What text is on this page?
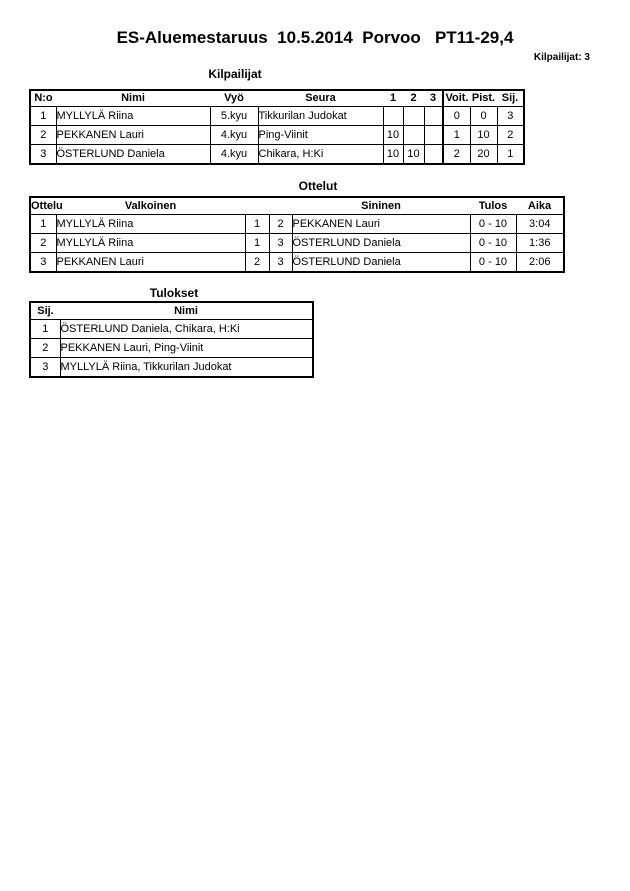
ES-Aluemestaruus  10.5.2014  Porvoo   PT11-29,4
Kilpailijat: 3
Kilpailijat
N:o	Nimi	Vyö	Seura	1	2	3	Voit.	Pist.	Sij.
1	MYLLYLÄ Riina	5.kyu	Tikkurilan Judokat				0	0	3
2	PEKKANEN Lauri	4.kyu	Ping-Viinit	10			1	10	2
3	ÖSTERLUND Daniela	4.kyu	Chikara, H:Ki	10	10		2	20	1
Ottelut
Ottelu	Valkoinen			Sininen	Tulos	Aika
1	MYLLYLÄ Riina	1	2	PEKKANEN Lauri	0 - 10	3:04
2	MYLLYLÄ Riina	1	3	ÖSTERLUND Daniela	0 - 10	1:36
3	PEKKANEN Lauri	2	3	ÖSTERLUND Daniela	0 - 10	2:06
Tulokset
Sij.	Nimi
1	ÖSTERLUND Daniela, Chikara, H:Ki
2	PEKKANEN Lauri, Ping-Viinit
3	MYLLYLÄ Riina, Tikkurilan Judokat
